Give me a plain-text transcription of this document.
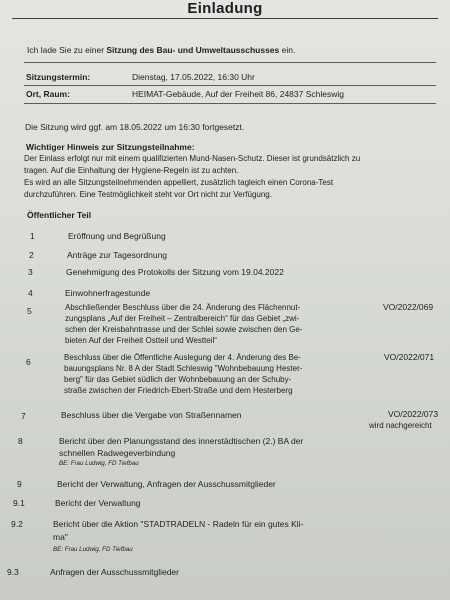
Einladung
Ich lade Sie zu einer Sitzung des Bau- und Umweltausschusses ein.
Sitzungstermin:	Dienstag, 17.05.2022, 16:30 Uhr
Ort, Raum:	HEIMAT-Gebäude, Auf der Freiheit 86, 24837 Schleswig
Die Sitzung wird ggf. am 18.05.2022 um 16:30 fortgesetzt.
Wichtiger Hinweis zur Sitzungsteilnahme:
Der Einlass erfolgt nur mit einem qualifizierten Mund-Nasen-Schutz. Dieser ist grundsätzlich zu
tragen. Auf die Einhaltung der Hygiene-Regeln ist zu achten.
Es wird an alle Sitzungsteilnehmenden appelliert, zusätzlich tagleich einen Corona-Test
durchzuführen. Eine Testmöglichkeit steht vor Ort nicht zur Verfügung.
Öffentlicher Teil
1	Eröffnung und Begrüßung
2	Anträge zur Tagesordnung
3	Genehmigung des Protokolls der Sitzung vom 19.04.2022
4	Einwohnerfragestunde
5	Abschließender Beschluss über die 24. Änderung des Flächennut-
zungsplans „Auf der Freiheit – Zentralbereich“ für das Gebiet „zwi-
schen der Kreisbahntrasse und der Schlei sowie zwischen den Ge-
bieten Auf der Freiheit Ostteil und Westteil“
VO/2022/069
6	Beschluss über die Öffentliche Auslegung der 4. Änderung des Be-
bauungsplans Nr. 8 A der Stadt Schleswig "Wohnbebauung Hester-
berg" für das Gebiet südlich der Wohnbebauung an der Schuby-
straße zwischen der Friedrich-Ebert-Straße und dem Hesterberg
VO/2022/071
7	Beschluss über die Vergabe von Straßennamen	VO/2022/073
wird nachgereicht
8	Bericht über den Planungsstand des innerstädtischen (2.) BA der
schnellen Radwegeverbindung
BE: Frau Ludwig, FD Tiefbau
9	Bericht der Verwaltung, Anfragen der Ausschussmitglieder
9.1	Bericht der Verwaltung
9.2	Bericht über die Aktion "STADTRADELN - Radeln für ein gutes Kli-
ma"
BE: Frau Ludwig, FD Tiefbau
9.3	Anfragen der Ausschussmitglieder
